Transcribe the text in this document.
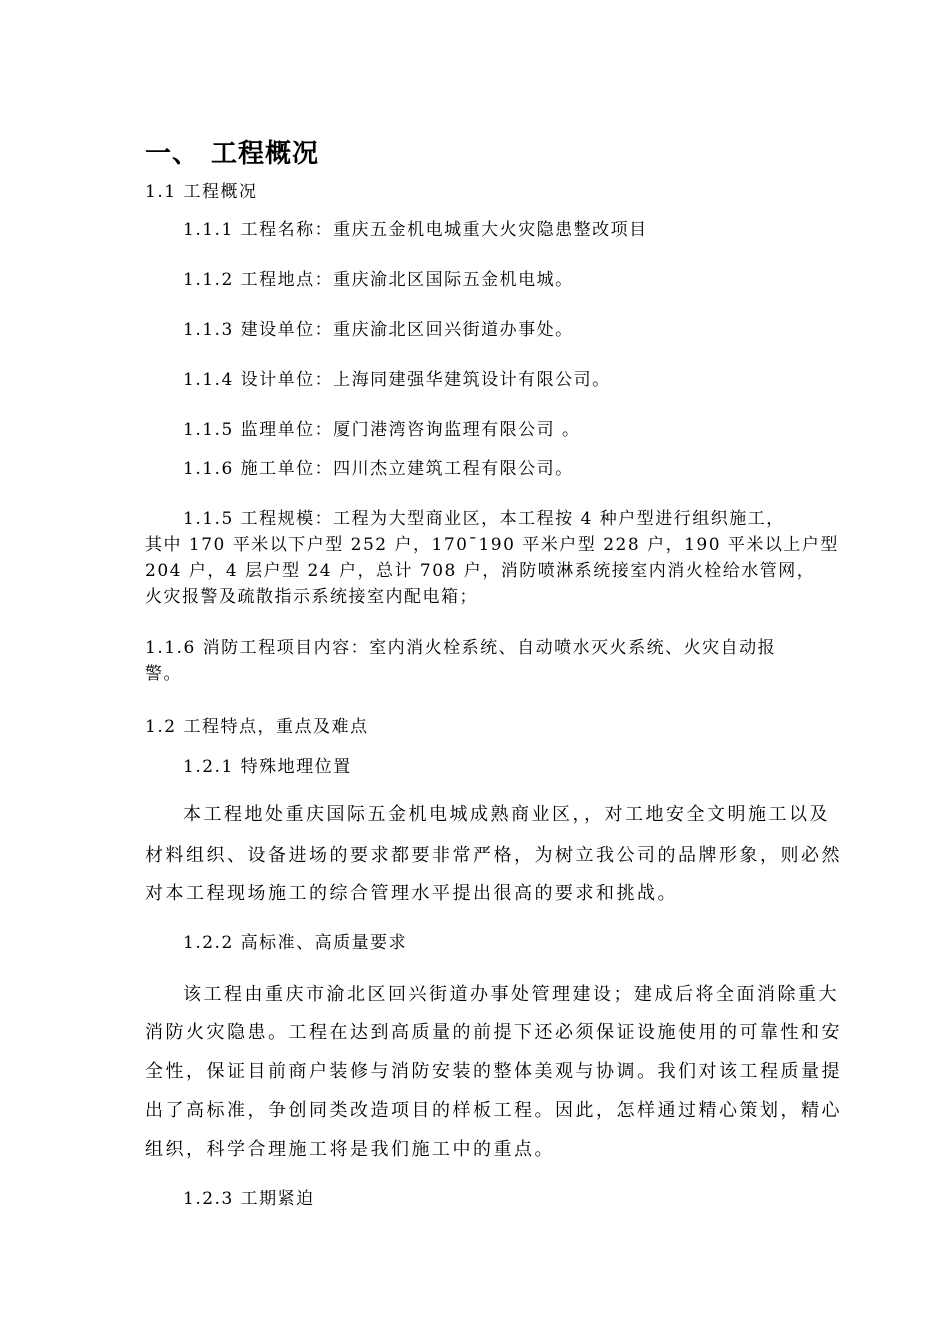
一、 工程概况
1.1 工程概况
1.1.1 工程名称：重庆五金机电城重大火灾隐患整改项目
1.1.2 工程地点：重庆渝北区国际五金机电城。
1.1.3 建设单位：重庆渝北区回兴街道办事处。
1.1.4 设计单位：上海同建强华建筑设计有限公司。
1.1.5 监理单位：厦门港湾咨询监理有限公司 。
1.1.6 施工单位：四川杰立建筑工程有限公司。
1.1.5 工程规模：工程为大型商业区，本工程按 4 种户型进行组织施工，
其中 170 平米以下户型 252 户，170¯190 平米户型 228 户，190 平米以上户型
204 户，4 层户型 24 户，总计 708 户，消防喷淋系统接室内消火栓给水管网，
火灾报警及疏散指示系统接室内配电箱；
1.1.6 消防工程项目内容：室内消火栓系统、自动喷水灭火系统、火灾自动报
警。
1.2 工程特点，重点及难点
1.2.1 特殊地理位置
本工程地处重庆国际五金机电城成熟商业区，，对工地安全文明施工以及
材料组织、设备进场的要求都要非常严格，为树立我公司的品牌形象，则必然
对本工程现场施工的综合管理水平提出很高的要求和挑战。
1.2.2 高标准、高质量要求
该工程由重庆市渝北区回兴街道办事处管理建设；建成后将全面消除重大
消防火灾隐患。工程在达到高质量的前提下还必须保证设施使用的可靠性和安
全性，保证目前商户装修与消防安装的整体美观与协调。我们对该工程质量提
出了高标准，争创同类改造项目的样板工程。因此，怎样通过精心策划，精心
组织，科学合理施工将是我们施工中的重点。
1.2.3 工期紧迫
